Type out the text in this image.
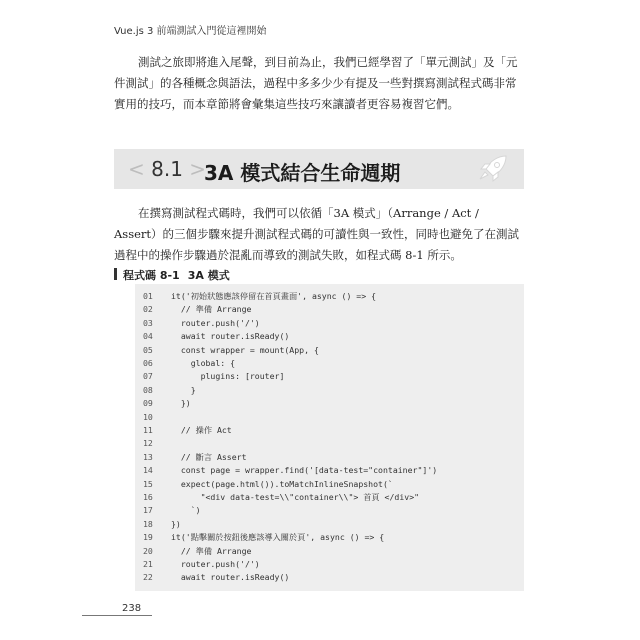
Vue.js 3 前端測試入門從這裡開始

測試之旅即將進入尾聲，到目前為止，我們已經學習了「單元測試」及「元件測試」的各種概念與語法，過程中多多少少有提及一些對撰寫測試程式碼非常實用的技巧，而本章節將會彙集這些技巧來讓讀者更容易複習它們。

< 8.1 >
3A 模式結合生命週期

在撰寫測試程式碼時，我們可以依循「3A 模式」（Arrange / Act / Assert）的三個步驟來提升測試程式碼的可讀性與一致性，同時也避免了在測試過程中的操作步驟過於混亂而導致的測試失敗，如程式碼 8-1 所示。

程式碼 8-1 3A 模式
01 it('初始狀態應該停留在首頁畫面', async () => {
02  // 準備 Arrange
03  router.push('/')
04  await router.isReady()
05  const wrapper = mount(App, {
06    global: {
07      plugins: [router]
08    }
09  })
10
11  // 操作 Act
12
13  // 斷言 Assert
14  const page = wrapper.find('[data-test="container"]')
15  expect(page.html()).toMatchInlineSnapshot(`
16      "<div data-test=\\"container\\"> 首頁 </div>"
17    `)
18 })
19 it('點擊關於按鈕後應該導入關於頁', async () => {
20  // 準備 Arrange
21  router.push('/')
22  await router.isReady()
238
